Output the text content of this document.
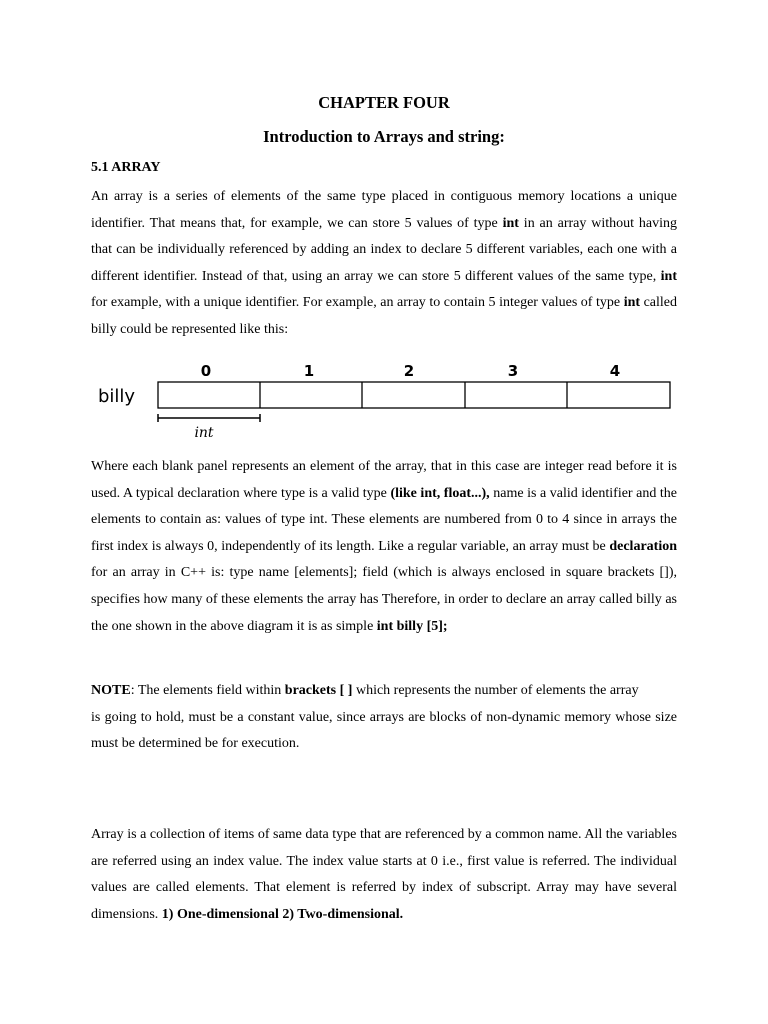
CHAPTER FOUR
Introduction to Arrays and string:
5.1 ARRAY

An array is a series of elements of the same type placed in contiguous memory locations a unique identifier. That means that, for example, we can store 5 values of type int in an array without having that can be individually referenced by adding an index to declare 5 different variables, each one with a different identifier. Instead of that, using an array we can store 5 different values of the same type, int for example, with a unique identifier. For example, an array to contain 5 integer values of type int called billy could be represented like this:

Where each blank panel represents an element of the array, that in this case are integer read before it is used. A typical declaration where type is a valid type (like int, float...), name is a valid identifier and the elements to contain as: values of type int. These elements are numbered from 0 to 4 since in arrays the first index is always 0, independently of its length. Like a regular variable, an array must be declaration for an array in C++ is: type name [elements]; field (which is always enclosed in square brackets []), specifies how many of these elements the array has Therefore, in order to declare an array called billy as the one shown in the above diagram it is as simple int billy [5];

NOTE: The elements field within brackets [ ] which represents the number of elements the array
is going to hold, must be a constant value, since arrays are blocks of non-dynamic memory whose size must be determined be for execution.

Array is a collection of items of same data type that are referenced by a common name. All the variables are referred using an index value. The index value starts at 0 i.e., first value is referred. The individual values are called elements. That element is referred by index of subscript. Array may have several dimensions. 1) One-dimensional 2) Two-dimensional.

billy
0	1	2	3	4
int
